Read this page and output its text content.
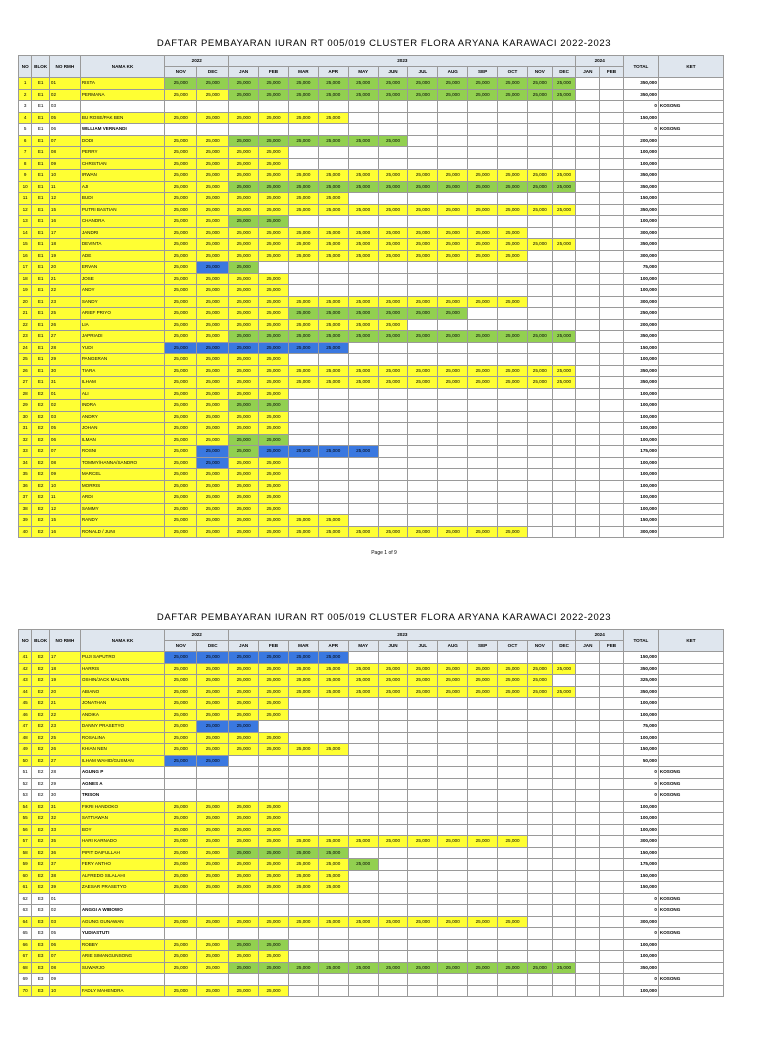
DAFTAR PEMBAYARAN IURAN RT 005/019 CLUSTER FLORA ARYANA KARAWACI 2022-2023
NO	BLOK	NO RMH	NAMA KK	2022		2023												2024		TOTAL	KET
				NOV	DEC	JAN	FEB	MAR	APR	MAY	JUN	JUL	AUG	SEP	OCT	NOV	DEC	JAN	FEB		
1	E1	01	RISTA	25,000	25,000	25,000	25,000	25,000	25,000	25,000	25,000	25,000	25,000	25,000	25,000	25,000	25,000			350,000	
2	E1	02	PERMANA	25,000	25,000	25,000	25,000	25,000	25,000	25,000	25,000	25,000	25,000	25,000	25,000	25,000	25,000			350,000	
3	E1	03																		0	KOSONG
4	E1	05	BU ROSE/PAK BEN	25,000	25,000	25,000	25,000	25,000	25,000											150,000	
5	E1	06	WILLIAM VERNANDI																	0	KOSONG
6	E1	07	DODI	25,000	25,000	25,000	25,000	25,000	25,000	25,000	25,000									200,000	
7	E1	08	PERRY	25,000	25,000	25,000	25,000													100,000	
8	E1	09	CHRISTIAN	25,000	25,000	25,000	25,000													100,000	
9	E1	10	IRWAN	25,000	25,000	25,000	25,000	25,000	25,000	25,000	25,000	25,000	25,000	25,000	25,000	25,000	25,000			350,000	
10	E1	11	AJI	25,000	25,000	25,000	25,000	25,000	25,000	25,000	25,000	25,000	25,000	25,000	25,000	25,000	25,000			350,000	
11	E1	12	BUDI	25,000	25,000	25,000	25,000	25,000	25,000											150,000	
12	E1	15	PUTRI BASTIAN	25,000	25,000	25,000	25,000	25,000	25,000	25,000	25,000	25,000	25,000	25,000	25,000	25,000	25,000			350,000	
13	E1	16	CHANDRA	25,000	25,000	25,000	25,000													100,000	
14	E1	17	JANDRI	25,000	25,000	25,000	25,000	25,000	25,000	25,000	25,000	25,000	25,000	25,000	25,000					300,000	
15	E1	18	DEVINTA	25,000	25,000	25,000	25,000	25,000	25,000	25,000	25,000	25,000	25,000	25,000	25,000	25,000	25,000			350,000	
16	E1	19	ADE	25,000	25,000	25,000	25,000	25,000	25,000	25,000	25,000	25,000	25,000	25,000	25,000					300,000	
17	E1	20	ERVAN	25,000	25,000	25,000														75,000	
18	E1	21	JOSE	25,000	25,000	25,000	25,000													100,000	
19	E1	22	ANDY	25,000	25,000	25,000	25,000													100,000	
20	E1	23	SANDY	25,000	25,000	25,000	25,000	25,000	25,000	25,000	25,000	25,000	25,000	25,000	25,000					300,000	
21	E1	25	ARIEF PRIYO	25,000	25,000	25,000	25,000	25,000	25,000	25,000	25,000	25,000	25,000							250,000	
22	E1	26	LIA	25,000	25,000	25,000	25,000	25,000	25,000	25,000	25,000									200,000	
23	E1	27	JAPRIADI	25,000	25,000	25,000	25,000	25,000	25,000	25,000	25,000	25,000	25,000	25,000	25,000	25,000	25,000			350,000	
24	E1	28	YUDI	25,000	25,000	25,000	25,000	25,000	25,000											150,000	
25	E1	29	PANGERAN	25,000	25,000	25,000	25,000													100,000	
26	E1	30	TIARA	25,000	25,000	25,000	25,000	25,000	25,000	25,000	25,000	25,000	25,000	25,000	25,000	25,000	25,000			350,000	
27	E1	31	ILHAM	25,000	25,000	25,000	25,000	25,000	25,000	25,000	25,000	25,000	25,000	25,000	25,000	25,000	25,000			350,000	
28	E2	01	ALI	25,000	25,000	25,000	25,000													100,000	
29	E2	02	INDRA	25,000	25,000	25,000	25,000													100,000	
30	E2	03	ANDRY	25,000	25,000	25,000	25,000													100,000	
31	E2	05	JOHAN	25,000	25,000	25,000	25,000													100,000	
32	E2	06	ILMAN	25,000	25,000	25,000	25,000													100,000	
33	E2	07	ROSNI	25,000	25,000	25,000	25,000	25,000	25,000	25,000										175,000	
34	E2	08	TOMMY/HANNA/SANDRO	25,000	25,000	25,000	25,000													100,000	
35	E2	09	MARCEL	25,000	25,000	25,000	25,000													100,000	
36	E2	10	MORRIS	25,000	25,000	25,000	25,000													100,000	
37	E2	11	ARDI	25,000	25,000	25,000	25,000													100,000	
38	E2	12	SAMMY	25,000	25,000	25,000	25,000													100,000	
39	E2	15	RANDY	25,000	25,000	25,000	25,000	25,000	25,000											150,000	
40	E2	16	RONALD / JUNI	25,000	25,000	25,000	25,000	25,000	25,000	25,000	25,000	25,000	25,000	25,000	25,000					300,000	
Page 1 of 9
DAFTAR PEMBAYARAN IURAN RT 005/019 CLUSTER FLORA ARYANA KARAWACI 2022-2023
NO	BLOK	NO RMH	NAMA KK	2022		2023												2024		TOTAL	KET
				NOV	DEC	JAN	FEB	MAR	APR	MAY	JUN	JUL	AUG	SEP	OCT	NOV	DEC	JAN	FEB		
41	E2	17	PUJI SAPUTRO	25,000	25,000	25,000	25,000	25,000	25,000											150,000	
42	E2	18	HARRIS	25,000	25,000	25,000	25,000	25,000	25,000	25,000	25,000	25,000	25,000	25,000	25,000	25,000	25,000			350,000	
43	E2	19	OSHIN/JACK MALVEN	25,000	25,000	25,000	25,000	25,000	25,000	25,000	25,000	25,000	25,000	25,000	25,000	25,000				325,000	
44	E2	20	ABIANO	25,000	25,000	25,000	25,000	25,000	25,000	25,000	25,000	25,000	25,000	25,000	25,000	25,000	25,000			350,000	
45	E2	21	JONATHAN	25,000	25,000	25,000	25,000													100,000	
46	E2	22	ANDIKA	25,000	25,000	25,000	25,000													100,000	
47	E2	23	DANNY PRASETYO	25,000	25,000	25,000														75,000	
48	E2	25	ROSALINA	25,000	25,000	25,000	25,000													100,000	
49	E2	26	KHIAN NEN	25,000	25,000	25,000	25,000	25,000	25,000											150,000	
50	E2	27	ILHAM WAHID/GUSMAN	25,000	25,000															50,000	
51	E2	28	AGUNG P																	0	KOSONG
52	E2	29	AGNES A																	0	KOSONG
53	E2	30	TRISON																	0	KOSONG
54	E2	31	FIKRI HANDOKO	25,000	25,000	25,000	25,000													100,000	
55	E2	32	SATTIAWAN	25,000	25,000	25,000	25,000													100,000	
56	E2	33	BOY	25,000	25,000	25,000	25,000													100,000	
57	E2	35	HARI KARNADO	25,000	25,000	25,000	25,000	25,000	25,000	25,000	25,000	25,000	25,000	25,000	25,000					300,000	
58	E2	36	PIPIT DAIFULLAH	25,000	25,000	25,000	25,000	25,000	25,000											150,000	
59	E2	37	FERY ANTHO	25,000	25,000	25,000	25,000	25,000	25,000	25,000										175,000	
60	E2	38	ALFREDO SILALAHI	25,000	25,000	25,000	25,000	25,000	25,000											150,000	
61	E2	39	ZAESAR PRASETYO	25,000	25,000	25,000	25,000	25,000	25,000											150,000	
62	E3	01																		0	KOSONG
63	E3	02	ANGGI A WIBOWO																	0	KOSONG
64	E3	03	AGUNG GUNAWAN	25,000	25,000	25,000	25,000	25,000	25,000	25,000	25,000	25,000	25,000	25,000	25,000					300,000	
65	E3	05	YUDIASTUTI																	0	KOSONG
66	E3	06	ROBBY	25,000	25,000	25,000	25,000													100,000	
67	E3	07	ARIE SIMANGUNSONG	25,000	25,000	25,000	25,000													100,000	
68	E3	08	SUWARJO	25,000	25,000	25,000	25,000	25,000	25,000	25,000	25,000	25,000	25,000	25,000	25,000	25,000	25,000			350,000	
69	E3	09																		0	KOSONG
70	E3	10	FADLY MAHENDRA	25,000	25,000	25,000	25,000													100,000	
